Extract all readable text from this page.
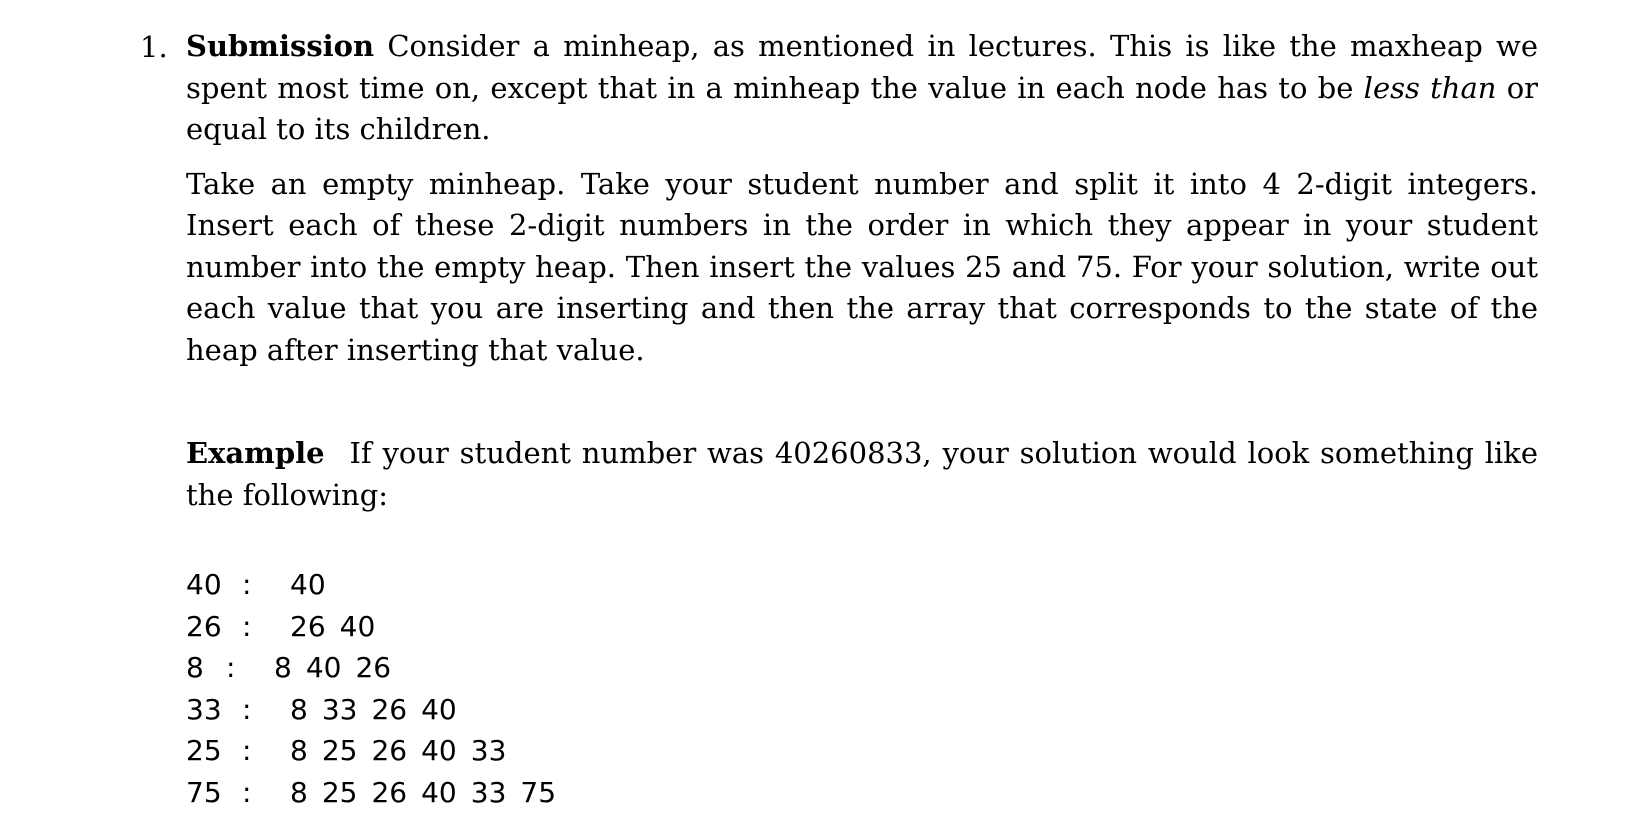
1. Submission Consider a minheap, as mentioned in lectures. This is like the maxheap we spent most time on, except that in a minheap the value in each node has to be less than or equal to its children.

Take an empty minheap. Take your student number and split it into 4 2-digit integers. Insert each of these 2-digit numbers in the order in which they appear in your student number into the empty heap. Then insert the values 25 and 75. For your solution, write out each value that you are inserting and then the array that corresponds to the state of the heap after inserting that value.

Example If your student number was 40260833, your solution would look something like the following:
40 : 40
26 : 26 40
8 : 8 40 26
33 : 8 33 26 40
25 : 8 25 26 40 33
75 : 8 25 26 40 33 75
